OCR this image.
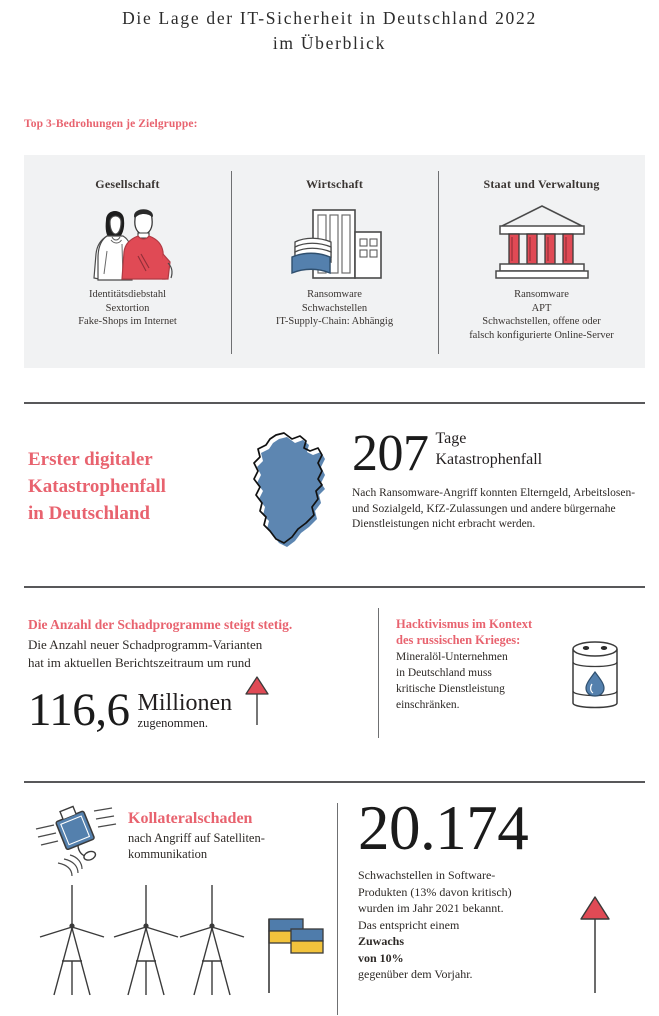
Die Lage der IT-Sicherheit in Deutschland 2022
im Überblick
Top 3-Bedrohungen je Zielgruppe:
Gesellschaft
Identitätsdiebstahl
Sextortion
Fake-Shops im Internet
Wirtschaft
Ransomware
Schwachstellen
IT-Supply-Chain: Abhängig
Staat und Verwaltung
Ransomware
APT
Schwachstellen, offene oder
falsch konfigurierte Online-Server
Erster digitaler
Katastrophenfall
in Deutschland
207 Tage
Katastrophenfall
Nach Ransomware-Angriff konnten Elterngeld, Arbeitslosen- und Sozialgeld, KfZ-Zulassungen und andere bürgernahe Dienstleistungen nicht erbracht werden.
Die Anzahl der Schadprogramme steigt stetig.
Die Anzahl neuer Schadprogramm-Varianten
hat im aktuellen Berichtszeitraum um rund
116,6 Millionen
zugenommen.
Hacktivismus im Kontext
des russischen Krieges:
Mineralöl-Unternehmen
in Deutschland muss
kritische Dienstleistung
einschränken.
Kollateralschaden
nach Angriff auf Satelliten-
kommunikation	20.174
Schwachstellen in Software-
Produkten (13% davon kritisch)
wurden im Jahr 2021 bekannt.
Das entspricht einem
Zuwachs
von 10%
gegenüber dem Vorjahr.
